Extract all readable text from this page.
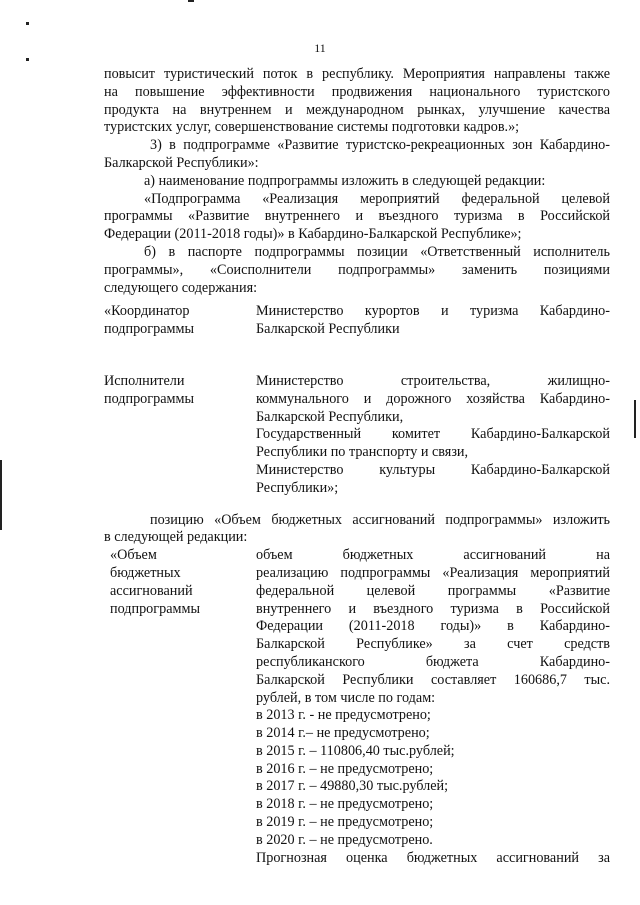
11

повысит туристический поток в республику. Мероприятия направлены также

на повышение эффективности продвижения национального туристского

продукта на внутреннем и международном рынках, улучшение качества

туристских услуг, совершенствование системы подготовки кадров.»;

3) в подпрограмме «Развитие туристско-рекреационных зон Кабардино-

Балкарской Республики»:

а) наименование подпрограммы изложить в следующей редакции:

«Подпрограмма «Реализация мероприятий федеральной целевой

программы «Развитие внутреннего и въездного туризма в Российской

Федерации (2011-2018 годы)» в Кабардино-Балкарской Республике»;

б) в паспорте подпрограммы позиции «Ответственный исполнитель

программы», «Соисполнители подпрограммы» заменить позициями

следующего содержания:

«Координатор

подпрограммы

Министерство курортов и туризма Кабардино-

Балкарской Республики

Исполнители

подпрограммы

Министерство строительства, жилищно-

коммунального и дорожного хозяйства Кабардино-

Балкарской Республики,

Государственный комитет Кабардино-Балкарской

Республики по транспорту и связи,

Министерство культуры Кабардино-Балкарской

Республики»;

позицию «Объем бюджетных ассигнований подпрограммы» изложить

в следующей редакции:

«Объем

бюджетных

ассигнований

подпрограммы

объем бюджетных ассигнований на

реализацию подпрограммы «Реализация мероприятий

федеральной целевой программы «Развитие

внутреннего и въездного туризма в Российской

Федерации (2011-2018 годы)» в Кабардино-

Балкарской Республике» за счет средств

республиканского бюджета Кабардино-

Балкарской Республики составляет 160686,7 тыс.

рублей, в том числе по годам:

в 2013 г. - не предусмотрено;

в 2014 г.– не предусмотрено;

в 2015 г. – 110806,40 тыс.рублей;

в 2016 г. – не предусмотрено;

в 2017 г. – 49880,30 тыс.рублей;

в 2018 г. – не предусмотрено;

в 2019 г. – не предусмотрено;

в 2020 г. – не предусмотрено.

Прогнозная оценка бюджетных ассигнований за
